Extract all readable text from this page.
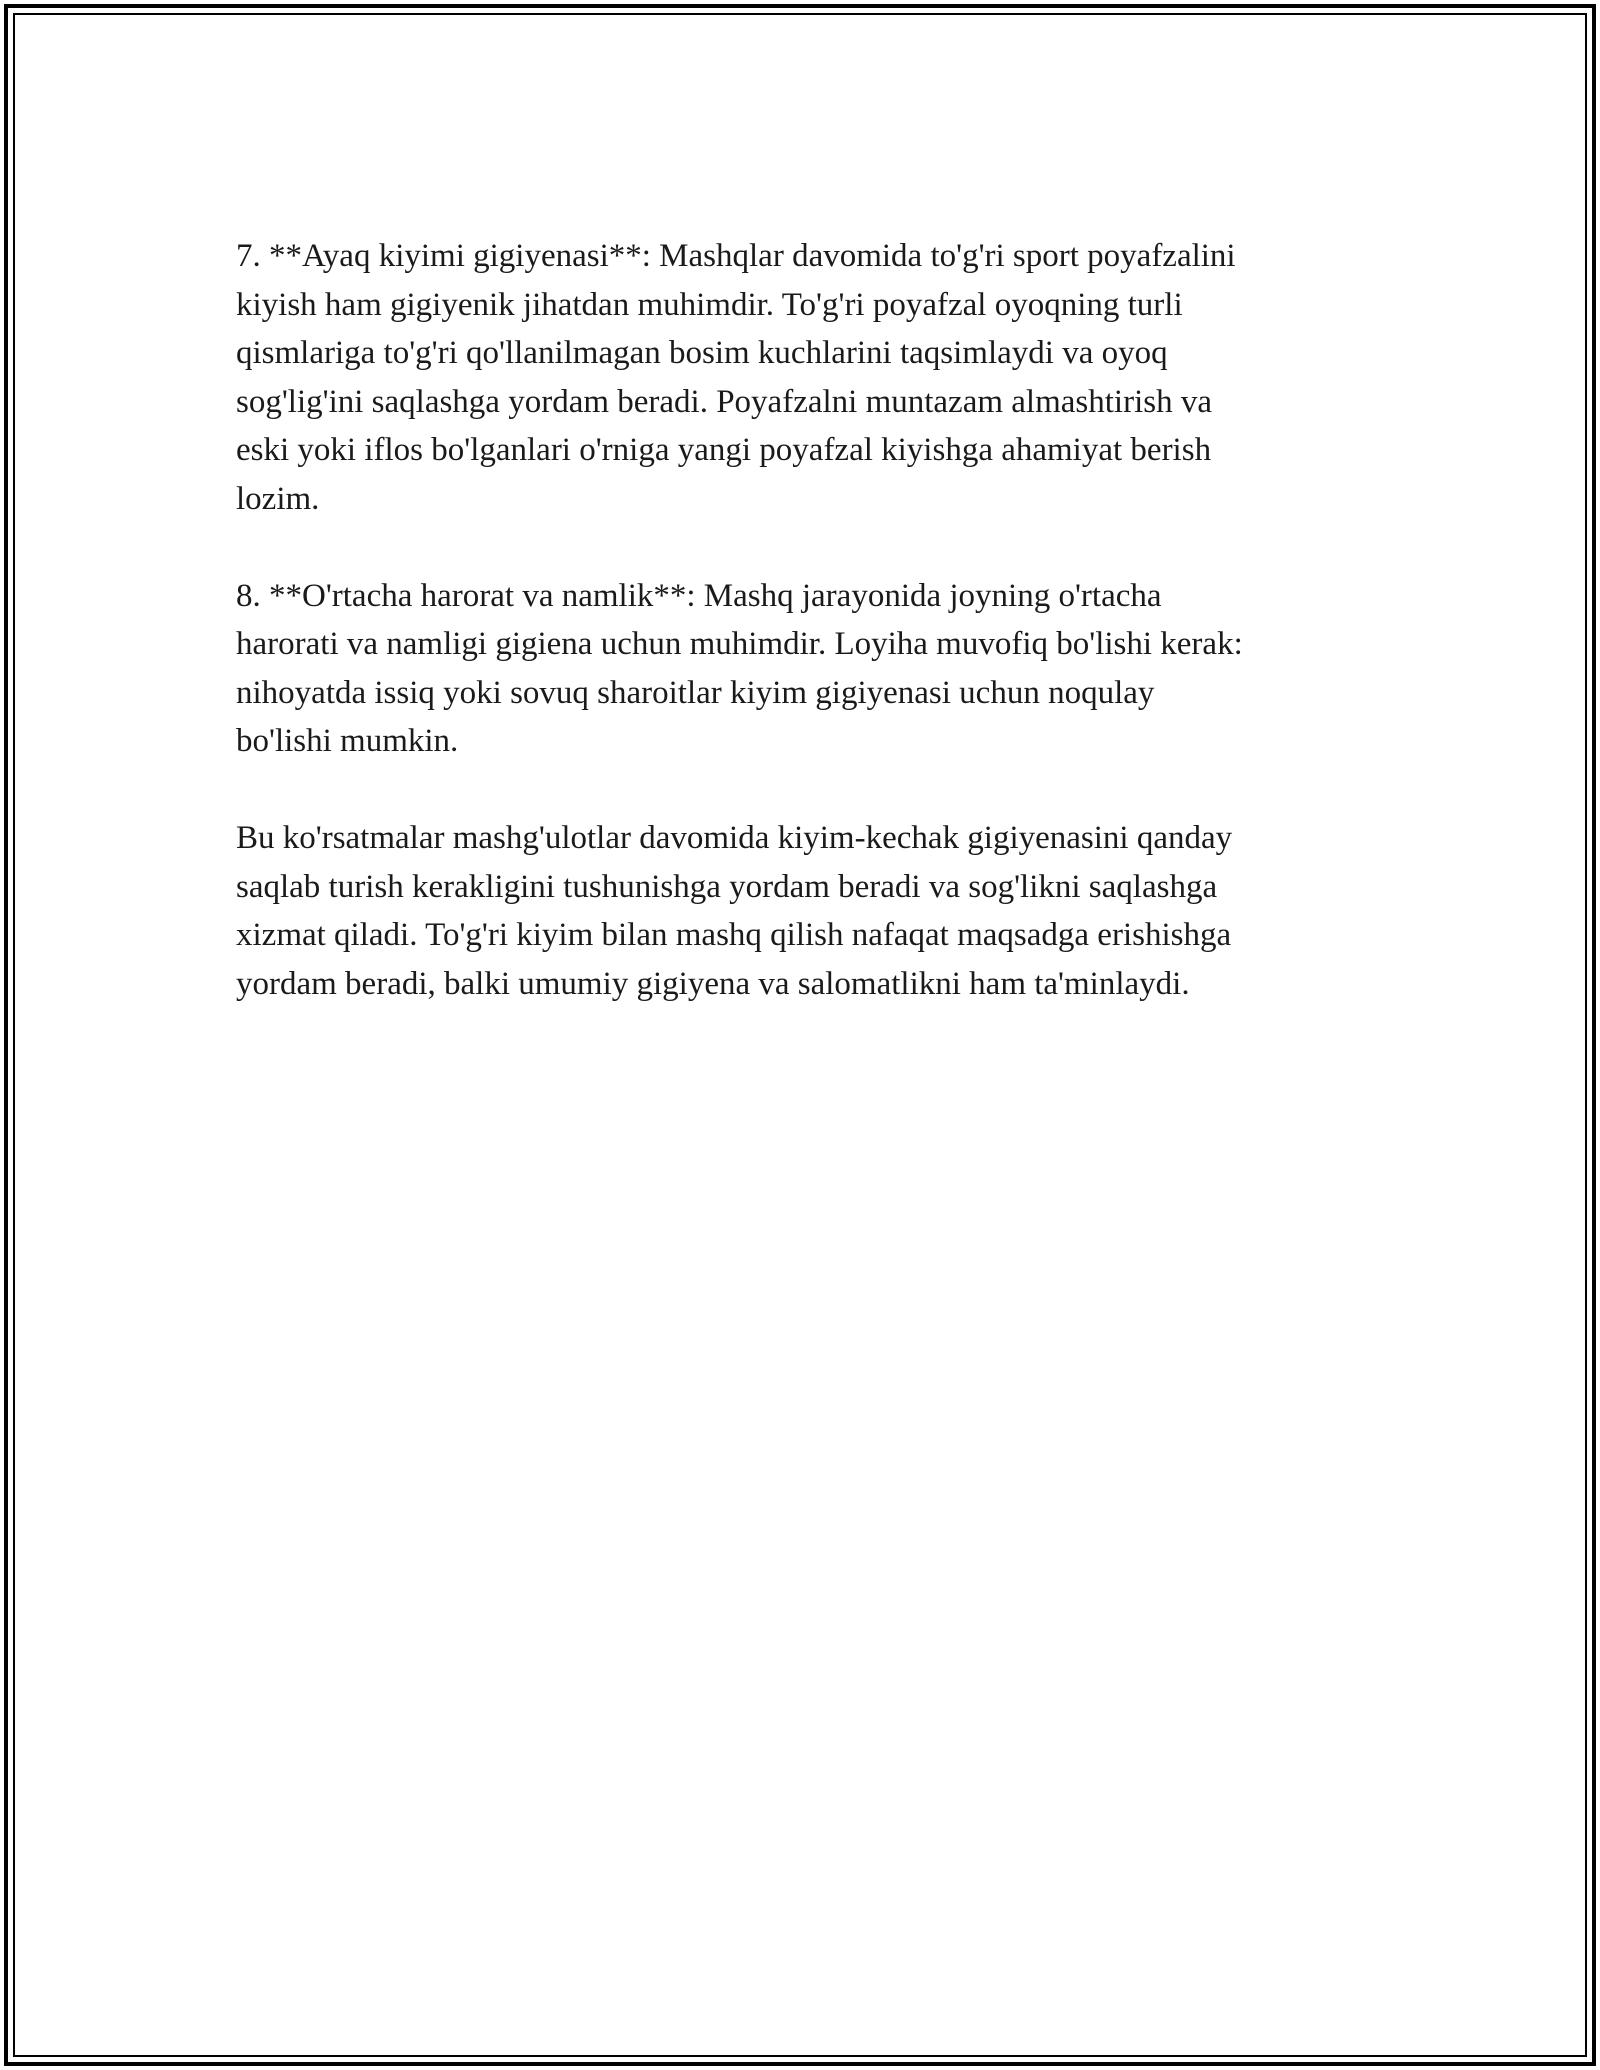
7. **Ayaq kiyimi gigiyenasi**: Mashqlar davomida to'g'ri sport poyafzalini

kiyish ham gigiyenik jihatdan muhimdir. To'g'ri poyafzal oyoqning turli

qismlariga to'g'ri qo'llanilmagan bosim kuchlarini taqsimlaydi va oyoq

sog'lig'ini saqlashga yordam beradi. Poyafzalni muntazam almashtirish va

eski yoki iflos bo'lganlari o'rniga yangi poyafzal kiyishga ahamiyat berish

lozim.

8. **O'rtacha harorat va namlik**: Mashq jarayonida joyning o'rtacha

harorati va namligi gigiena uchun muhimdir. Loyiha muvofiq bo'lishi kerak:

nihoyatda issiq yoki sovuq sharoitlar kiyim gigiyenasi uchun noqulay

bo'lishi mumkin.

Bu ko'rsatmalar mashg'ulotlar davomida kiyim-kechak gigiyenasini qanday

saqlab turish kerakligini tushunishga yordam beradi va sog'likni saqlashga

xizmat qiladi. To'g'ri kiyim bilan mashq qilish nafaqat maqsadga erishishga

yordam beradi, balki umumiy gigiyena va salomatlikni ham ta'minlaydi.
